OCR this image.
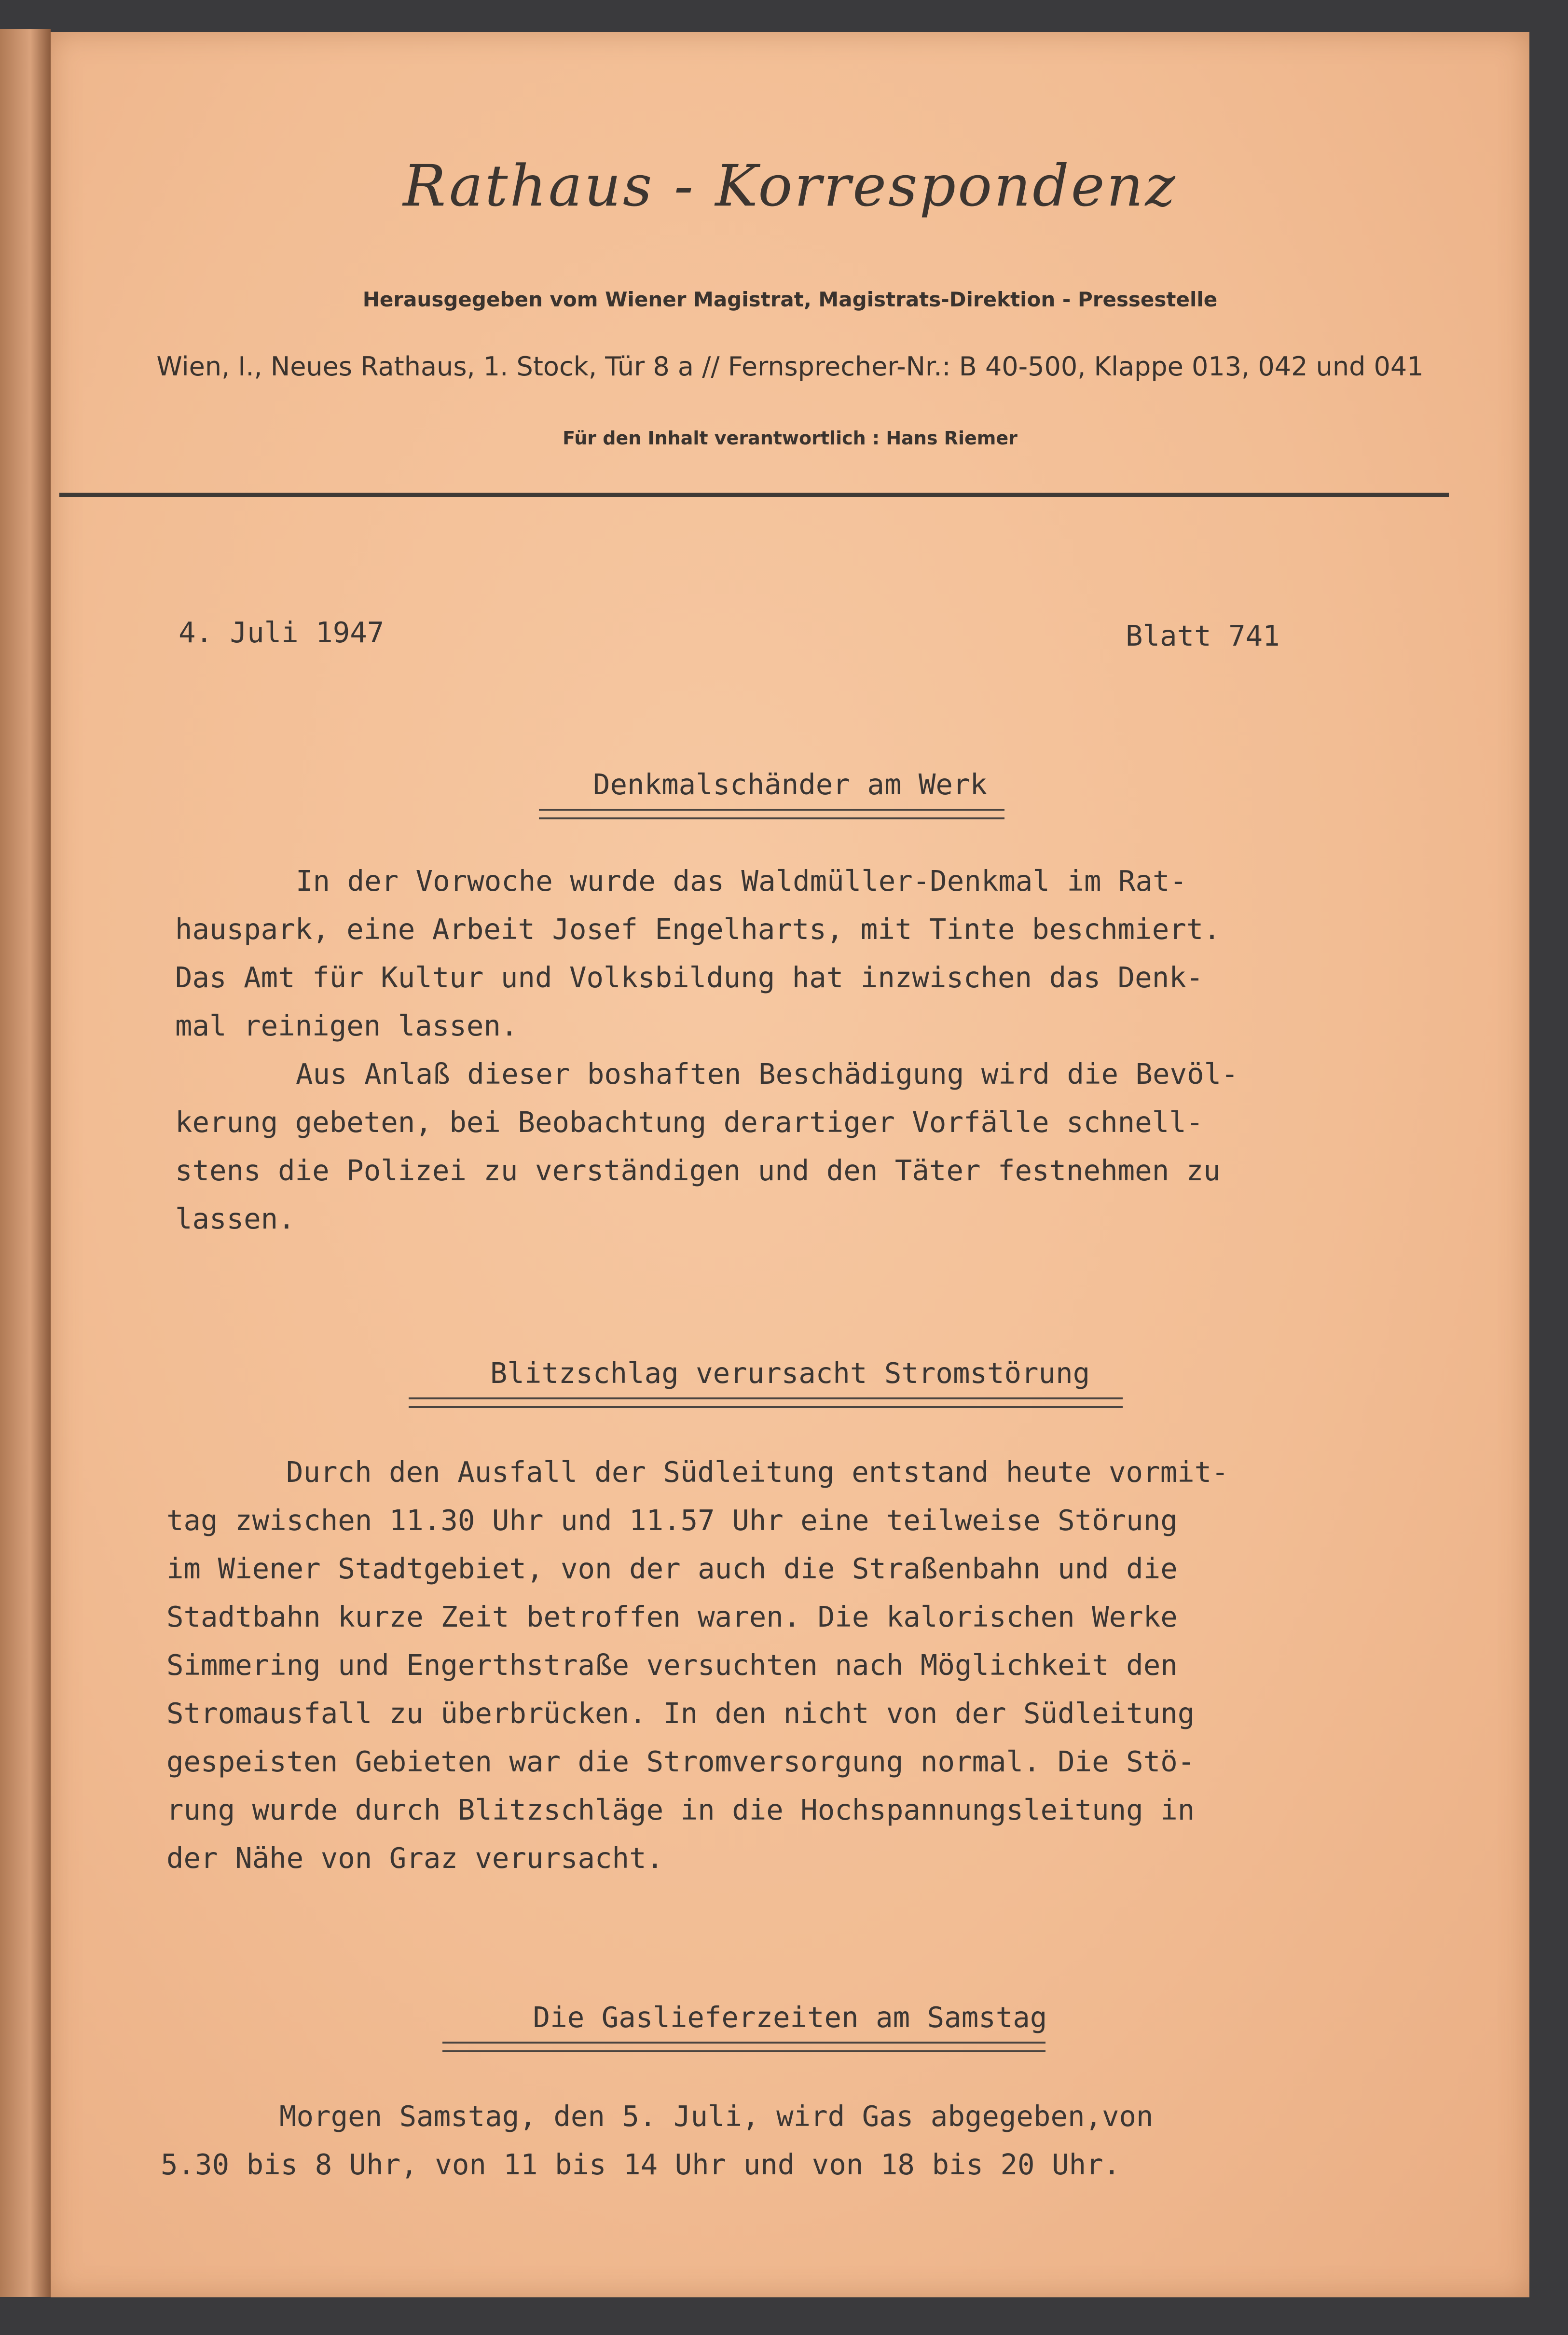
Rathaus - Korrespondenz
Herausgegeben vom Wiener Magistrat, Magistrats-Direktion - Pressestelle
Wien, I., Neues Rathaus, 1. Stock, Tür 8 a // Fernsprecher-Nr.: B 40-500, Klappe 013, 042 und 041
Für den Inhalt verantwortlich : Hans Riemer
4. Juli 1947	Blatt 741
Denkmalschänder am Werk
In der Vorwoche wurde das Waldmüller-Denkmal im Rat-
hauspark, eine Arbeit Josef Engelharts, mit Tinte beschmiert.
Das Amt für Kultur und Volksbildung hat inzwischen das Denk-
mal reinigen lassen.
Aus Anlaß dieser boshaften Beschädigung wird die Bevöl-
kerung gebeten, bei Beobachtung derartiger Vorfälle schnell-
stens die Polizei zu verständigen und den Täter festnehmen zu
lassen.
Blitzschlag verursacht Stromstörung
Durch den Ausfall der Südleitung entstand heute vormit-
tag zwischen 11.30 Uhr und 11.57 Uhr eine teilweise Störung
im Wiener Stadtgebiet, von der auch die Straßenbahn und die
Stadtbahn kurze Zeit betroffen waren. Die kalorischen Werke
Simmering und Engerthstraße versuchten nach Möglichkeit den
Stromausfall zu überbrücken. In den nicht von der Südleitung
gespeisten Gebieten war die Stromversorgung normal. Die Stö-
rung wurde durch Blitzschläge in die Hochspannungsleitung in
der Nähe von Graz verursacht.
Die Gaslieferzeiten am Samstag
Morgen Samstag, den 5. Juli, wird Gas abgegeben,von
5.30 bis 8 Uhr, von 11 bis 14 Uhr und von 18 bis 20 Uhr.
